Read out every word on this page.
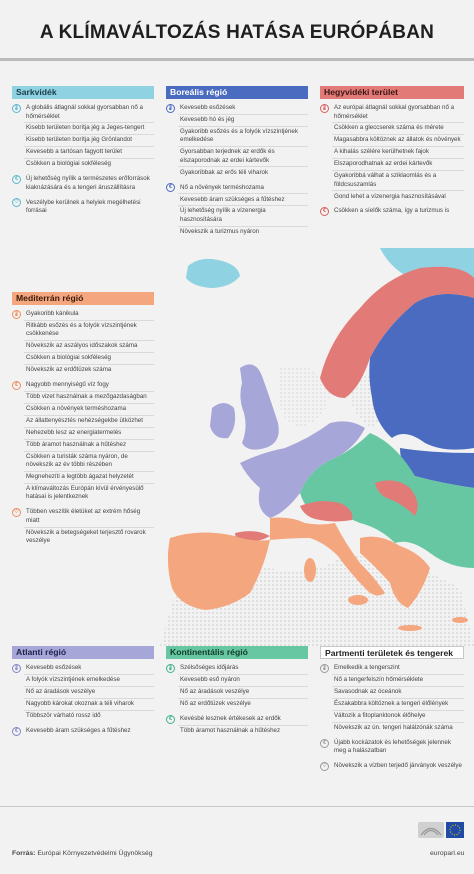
A KLÍMAVÁLTOZÁS HATÁSA EURÓPÁBAN
Sarkvidék
🌡 A globális átlagnál sokkal gyorsabban nő a hőmérséklet
Kisebb területen borítja jég a Jeges-tengert
Kisebb területen borítja jég Grönlandot
Kevesebb a tartósan fagyott terület
Csökken a biológiai sokféleség
€	Új lehetőség nyílik a természetes erőforrások kiaknázására és a tengeri áruszállításra
♡	Veszélybe kerülnek a helyiek megélhetési forrásai
Boreális régió
🌡 Kevesebb esőzések
Kevesebb hó és jég
Gyakoribb esőzés és a folyók vízszintjének emelkedése
Gyorsabban terjednek az erdők és elszaporodnak az erdei kártevők
Gyakoribbak az erős téli viharok
€	Nő a növények terméshozama
Kevesebb áram szükséges a fűtéshez
Új lehetőség nyílik a vízenergia hasznosítására
Növekszik a turizmus nyáron
Hegyvidéki terület
🌡 Az európai átlagnál sokkal gyorsabban nő a hőmérséklet
Csökken a gleccserek száma és mérete
Magasabbra költöznek az állatok és növények
A kihalás szélére kerülhetnek fajok
Elszaporodhatnak az erdei kártevők
Gyakoribbá válhat a sziklaomlás és a földcsuszamlás
Gond lehet a vízenergia hasznosításával
€	Csökken a síelők száma, így a turizmus is
Mediterrán régió
🌡 Gyakoribb kánikula
Ritkább esőzés és a folyók vízszintjének csökkenése
Növekszik az aszályos időszakok száma
Csökken a biológiai sokféleség
Növekszik az erdőtüzek száma
€	Nagyobb mennyiségű víz fogy
Több vizet használnak a mezőgazdaságban
Csökken a növények terméshozama
Az állattenyésztés nehézségekbe ütközhet
Nehezebb lesz az energiatermelés
Több áramot használnak a hűtéshez
Csökken a turisták száma nyáron, de növekszik az év többi részében
Megnehezíti a legtöbb ágazat helyzetét
A klímaváltozás Európán kívül érvényesülő hatásai is jelentkeznek
♡	Többen veszítik életüket az extrém hőség miatt
Növekszik a betegségeket terjesztő rovarok veszélye
Atlanti régió
🌡 Kevesebb esőzések
A folyók vízszintjének emelkedése
Nő az áradások veszélye
Nagyobb károkat okoznak a téli viharok
Többször várható rossz idő
€	Kevesebb áram szükséges a fűtéshez
Kontinentális régió
🌡 Szélsőséges időjárás
Kevesebb eső nyáron
Nő az áradások veszélye
Nő az erdőtüzek veszélye
€	Kevésbé lesznek értékesek az erdők
Több áramot használnak a hűtéshez
Partmenti területek és tengerek
🌡 Emelkedik a tengerszint
Nő a tengerfelszín hőmérséklete
Savasodnak az óceánok
Északabbra költöznek a tengeri élőlények
Változik a fitoplanktonok élőhelye
Növekszik az ún. tengeri halálzónák száma
€	Újabb kockázatok és lehetőségek jelennek meg a halászatban
♡	Növekszik a vízben terjedő járványok veszélye
Forrás: Európai Környezetvédelmi Ügynökség	europarl.eu
